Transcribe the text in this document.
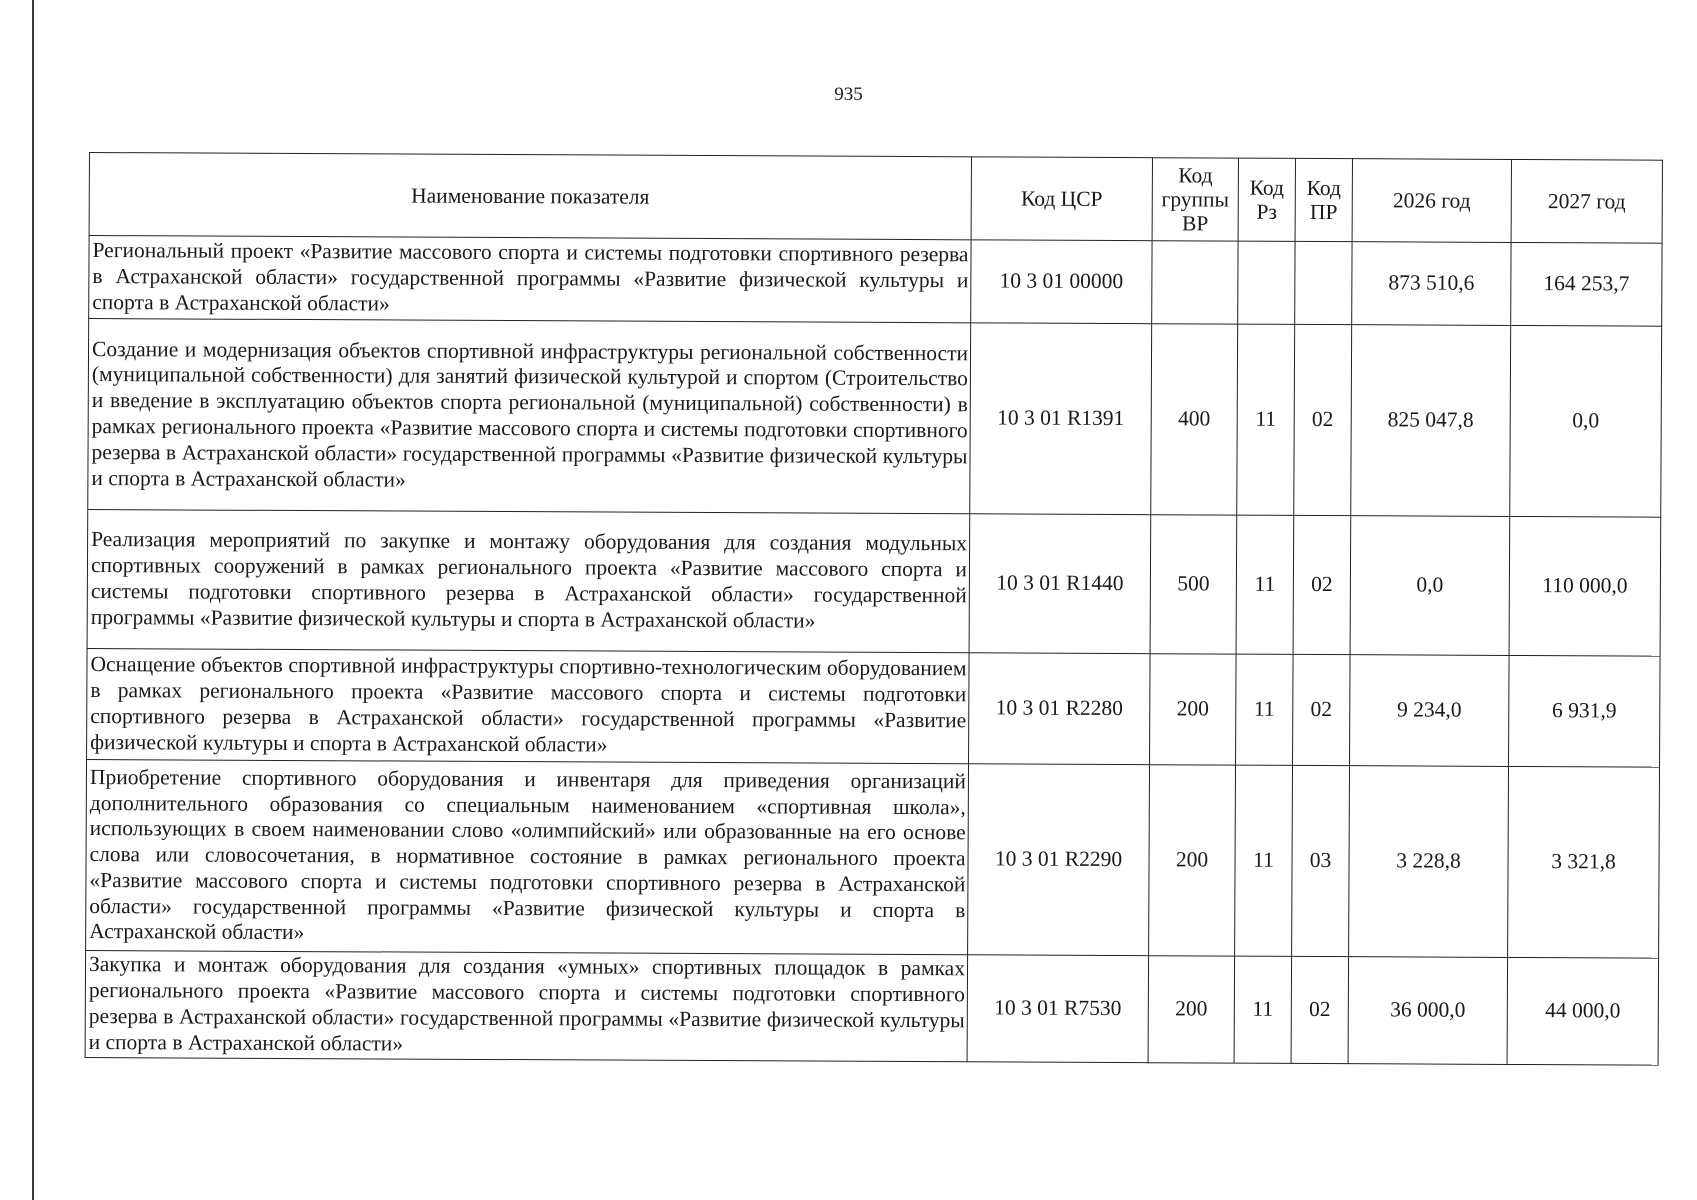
935
Наименование показателя	Код ЦСР	Код группы ВР	Код Рз	Код ПР	2026 год	2027 год
Региональный проект «Развитие массового спорта и системы подготовки спортивного резерва в Астраханской области» государственной программы «Развитие физической культуры и спорта в Астраханской области»	10 3 01 00000				873 510,6	164 253,7
Создание и модернизация объектов спортивной инфраструктуры региональной собственности (муниципальной собственности) для занятий физической культурой и спортом (Строительство и введение в эксплуатацию объектов спорта региональной (муниципальной) собственности) в рамках регионального проекта «Развитие массового спорта и системы подготовки спортивного резерва в Астраханской области» государственной программы «Развитие физической культуры и спорта в Астраханской области»	10 3 01 R1391	400	11	02	825 047,8	0,0
Реализация мероприятий по закупке и монтажу оборудования для создания модульных спортивных сооружений в рамках регионального проекта «Развитие массового спорта и системы подготовки спортивного резерва в Астраханской области» государственной программы «Развитие физической культуры и спорта в Астраханской области»	10 3 01 R1440	500	11	02	0,0	110 000,0
Оснащение объектов спортивной инфраструктуры спортивно-технологическим оборудованием в рамках регионального проекта «Развитие массового спорта и системы подготовки спортивного резерва в Астраханской области» государственной программы «Развитие физической культуры и спорта в Астраханской области»	10 3 01 R2280	200	11	02	9 234,0	6 931,9
Приобретение спортивного оборудования и инвентаря для приведения организаций дополнительного образования со специальным наименованием «спортивная школа», использующих в своем наименовании слово «олимпийский» или образованные на его основе слова или словосочетания, в нормативное состояние в рамках регионального проекта «Развитие массового спорта и системы подготовки спортивного резерва в Астраханской области» государственной программы «Развитие физической культуры и спорта в Астраханской области»	10 3 01 R2290	200	11	03	3 228,8	3 321,8
Закупка и монтаж оборудования для создания «умных» спортивных площадок в рамках регионального проекта «Развитие массового спорта и системы подготовки спортивного резерва в Астраханской области» государственной программы «Развитие физической культуры и спорта в Астраханской области»	10 3 01 R7530	200	11	02	36 000,0	44 000,0
